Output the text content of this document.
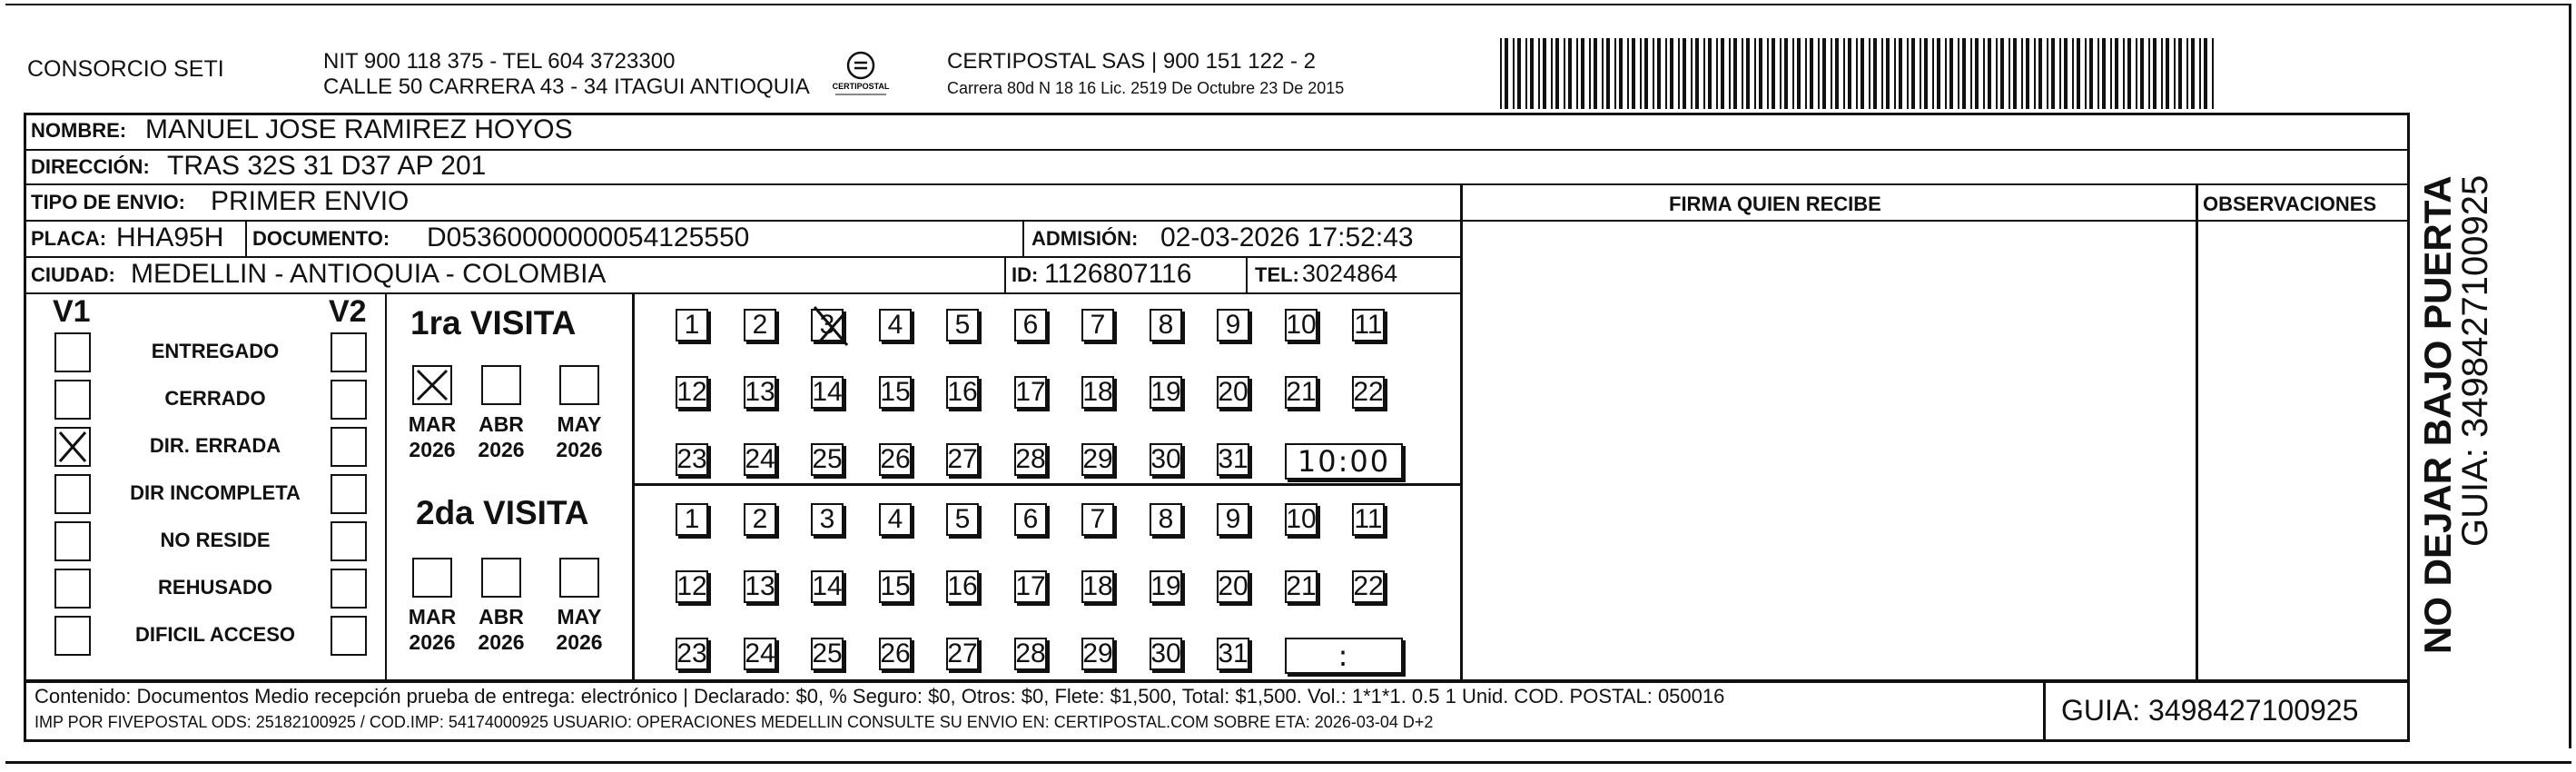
CONSORCIO SETI	NIT 900 118 375 - TEL 604 3723300
CALLE 50 CARRERA 43 - 34 ITAGUI ANTIOQUIA	CERTIPOSTAL
CERTIPOSTAL SAS | 900 151 122 - 2
Carrera 80d N 18 16 Lic. 2519 De Octubre 23 De 2015
NOMBRE: MANUEL JOSE RAMIREZ HOYOS
DIRECCIÓN: TRAS 32S 31 D37 AP 201
TIPO DE ENVIO: PRIMER ENVIO
PLACA: HHA95H DOCUMENTO: D05360000000054125550	ADMISIÓN: 02-03-2026 17:52:43
CIUDAD: MEDELLIN - ANTIOQUIA - COLOMBIA	ID: 1126807116	TEL: 3024864
FIRMA QUIEN RECIBE	OBSERVACIONES
V1	V2
ENTREGADO
CERRADO
DIR. ERRADA
DIR INCOMPLETA
NO RESIDE
REHUSADO
DIFICIL ACCESO
1ra VISITA
MAR
2026
ABR
2026
MAY
2026
1 2 3 4 5 6 7 8 9 10 11
12 13 14 15 16 17 18 19 20 21 22
23 24 25 26 27 28 29 30 31 10:00
2da VISITA
MAR
2026
ABR
2026
MAY
2026
1 2 3 4 5 6 7 8 9 10 11
12 13 14 15 16 17 18 19 20 21 22
23 24 25 26 27 28 29 30 31	:
Contenido: Documentos Medio recepción prueba de entrega: electrónico | Declarado: $0, % Seguro: $0, Otros: $0, Flete: $1,500, Total: $1,500. Vol.: 1*1*1. 0.5 1 Unid. COD. POSTAL: 050016
IMP POR FIVEPOSTAL ODS: 25182100925 / COD.IMP: 54174000925 USUARIO: OPERACIONES MEDELLIN CONSULTE SU ENVIO EN: CERTIPOSTAL.COM SOBRE ETA: 2026-03-04 D+2	GUIA: 3498427100925
NO DEJAR BAJO PUERTA
GUIA: 3498427100925
